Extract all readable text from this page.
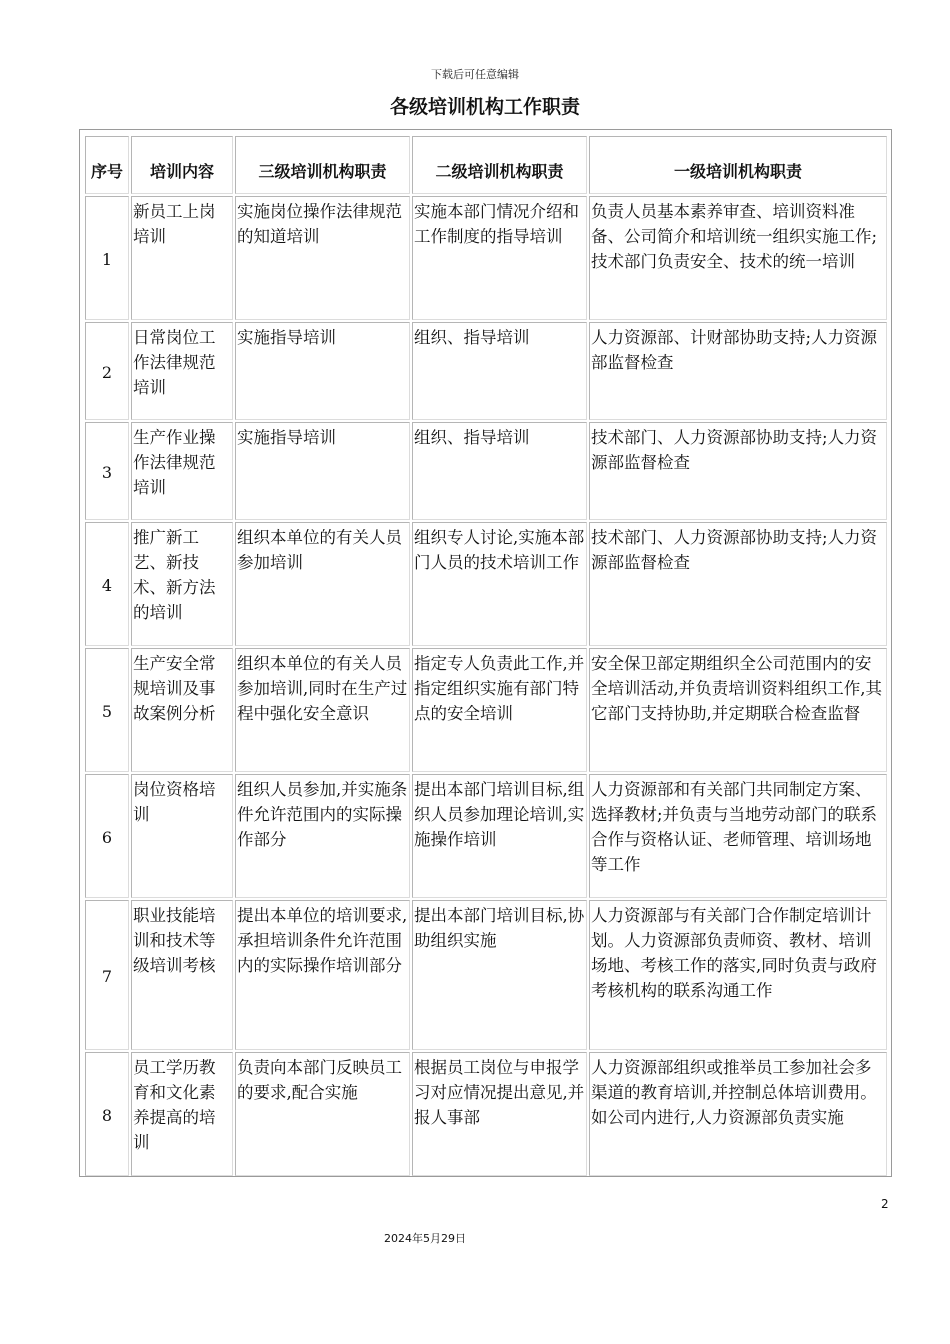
下载后可任意编辑
各级培训机构工作职责
序号	培训内容	三级培训机构职责	二级培训机构职责	一级培训机构职责
1	新员工上岗培训	实施岗位操作法律规范的知道培训	实施本部门情况介绍和工作制度的指导培训	负责人员基本素养审查、培训资料准备、公司简介和培训统一组织实施工作;技术部门负责安全、技术的统一培训
2	日常岗位工作法律规范培训	实施指导培训	组织、指导培训	人力资源部、计财部协助支持;人力资源部监督检查
3	生产作业操作法律规范培训	实施指导培训	组织、指导培训	技术部门、人力资源部协助支持;人力资源部监督检查
4	推广新工艺、新技术、新方法的培训	组织本单位的有关人员参加培训	组织专人讨论,实施本部门人员的技术培训工作	技术部门、人力资源部协助支持;人力资源部监督检查
5	生产安全常规培训及事故案例分析	组织本单位的有关人员参加培训,同时在生产过程中强化安全意识	指定专人负责此工作,并指定组织实施有部门特点的安全培训	安全保卫部定期组织全公司范围内的安全培训活动,并负责培训资料组织工作,其它部门支持协助,并定期联合检查监督
6	岗位资格培训	组织人员参加,并实施条件允许范围内的实际操作部分	提出本部门培训目标,组织人员参加理论培训,实施操作培训	人力资源部和有关部门共同制定方案、选择教材;并负责与当地劳动部门的联系合作与资格认证、老师管理、培训场地等工作
7	职业技能培训和技术等级培训考核	提出本单位的培训要求,承担培训条件允许范围内的实际操作培训部分	提出本部门培训目标,协助组织实施	人力资源部与有关部门合作制定培训计划。人力资源部负责师资、教材、培训场地、考核工作的落实,同时负责与政府考核机构的联系沟通工作
8	员工学历教育和文化素养提高的培训	负责向本部门反映员工的要求,配合实施	根据员工岗位与申报学习对应情况提出意见,并报人事部	人力资源部组织或推举员工参加社会多渠道的教育培训,并控制总体培训费用。如公司内进行,人力资源部负责实施
2
2024年5月29日
